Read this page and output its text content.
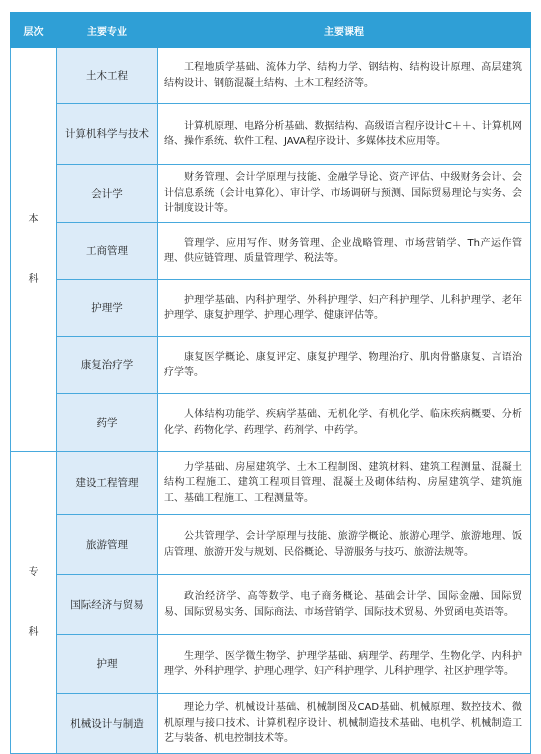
层次	主要专业	主要课程

本
科	土木工程	工程地质学基础、流体力学、结构力学、钢结构、结构设计原理、高层建筑结构设计、钢筋混凝土结构、土木工程经济等。
	计算机科学与技术	计算机原理、电路分析基础、数据结构、高级语言程序设计C＋＋、计算机网络、操作系统、软件工程、JAVA程序设计、多媒体技术应用等。
	会计学	财务管理、会计学原理与技能、金融学导论、资产评估、中级财务会计、会计信息系统（会计电算化）、审计学、市场调研与预测、国际贸易理论与实务、会计制度设计等。
	工商管理	管理学、应用写作、财务管理、企业战略管理、市场营销学、Th产运作管理、供应链管理、质量管理学、税法等。
	护理学	护理学基础、内科护理学、外科护理学、妇产科护理学、儿科护理学、老年护理学、康复护理学、护理心理学、健康评估等。
	康复治疗学	康复医学概论、康复评定、康复护理学、物理治疗、肌肉骨骼康复、言语治疗学等。
	药学	人体结构功能学、疾病学基础、无机化学、有机化学、临床疾病概要、分析化学、药物化学、药理学、药剂学、中药学。

专
科	建设工程管理	力学基础、房屋建筑学、土木工程制图、建筑材料、建筑工程测量、混凝土结构工程施工、建筑工程项目管理、混凝土及砌体结构、房屋建筑学、建筑施工、基础工程施工、工程测量等。
	旅游管理	公共管理学、会计学原理与技能、旅游学概论、旅游心理学、旅游地理、饭店管理、旅游开发与规划、民俗概论、导游服务与技巧、旅游法规等。
	国际经济与贸易	政治经济学、高等数学、电子商务概论、基础会计学、国际金融、国际贸易、国际贸易实务、国际商法、市场营销学、国际技术贸易、外贸函电英语等。
	护理	生理学、医学微生物学、护理学基础、病理学、药理学、生物化学、内科护理学、外科护理学、护理心理学、妇产科护理学、儿科护理学、社区护理学等。
	机械设计与制造	理论力学、机械设计基础、机械制图及CAD基础、机械原理、数控技术、微机原理与接口技术、计算机程序设计、机械制造技术基础、电机学、机械制造工艺与装备、机电控制技术等。
